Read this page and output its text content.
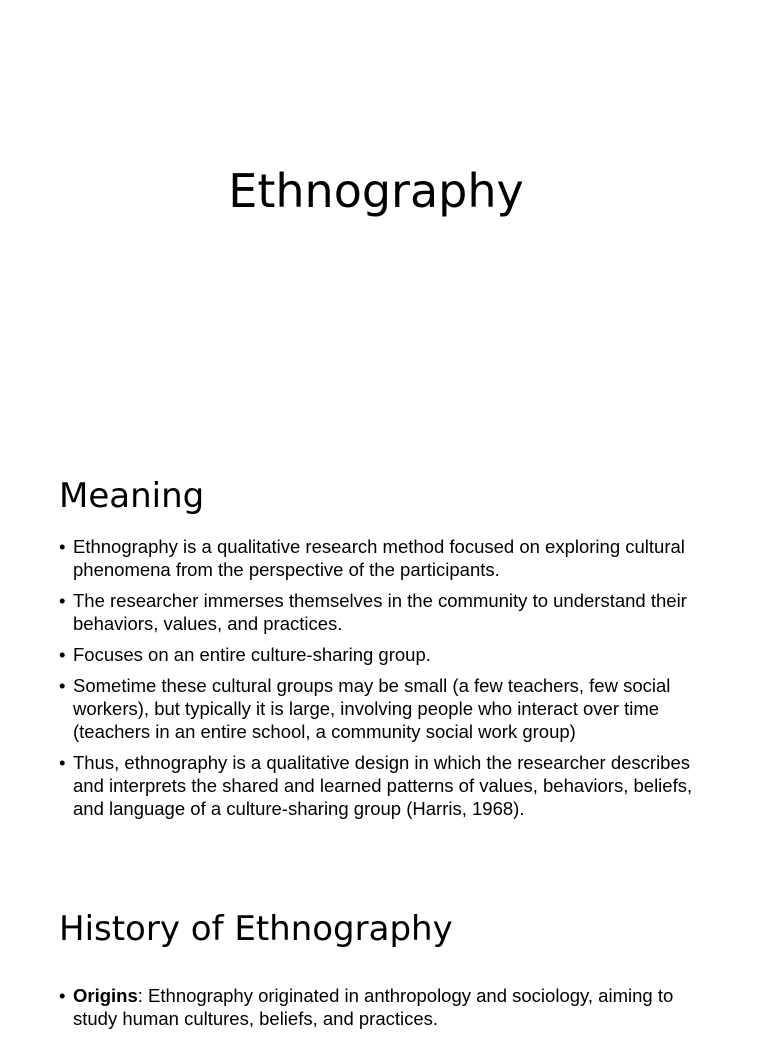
Ethnography
Meaning
• Ethnography is a qualitative research method focused on exploring cultural phenomena from the perspective of the participants.
• The researcher immerses themselves in the community to understand their behaviors, values, and practices.
• Focuses on an entire culture-sharing group.
• Sometime these cultural groups may be small (a few teachers, few social workers), but typically it is large, involving people who interact over time (teachers in an entire school, a community social work group)
• Thus, ethnography is a qualitative design in which the researcher describes and interprets the shared and learned patterns of values, behaviors, beliefs, and language of a culture-sharing group (Harris, 1968).
History of Ethnography
• Origins: Ethnography originated in anthropology and sociology, aiming to study human cultures, beliefs, and practices.
